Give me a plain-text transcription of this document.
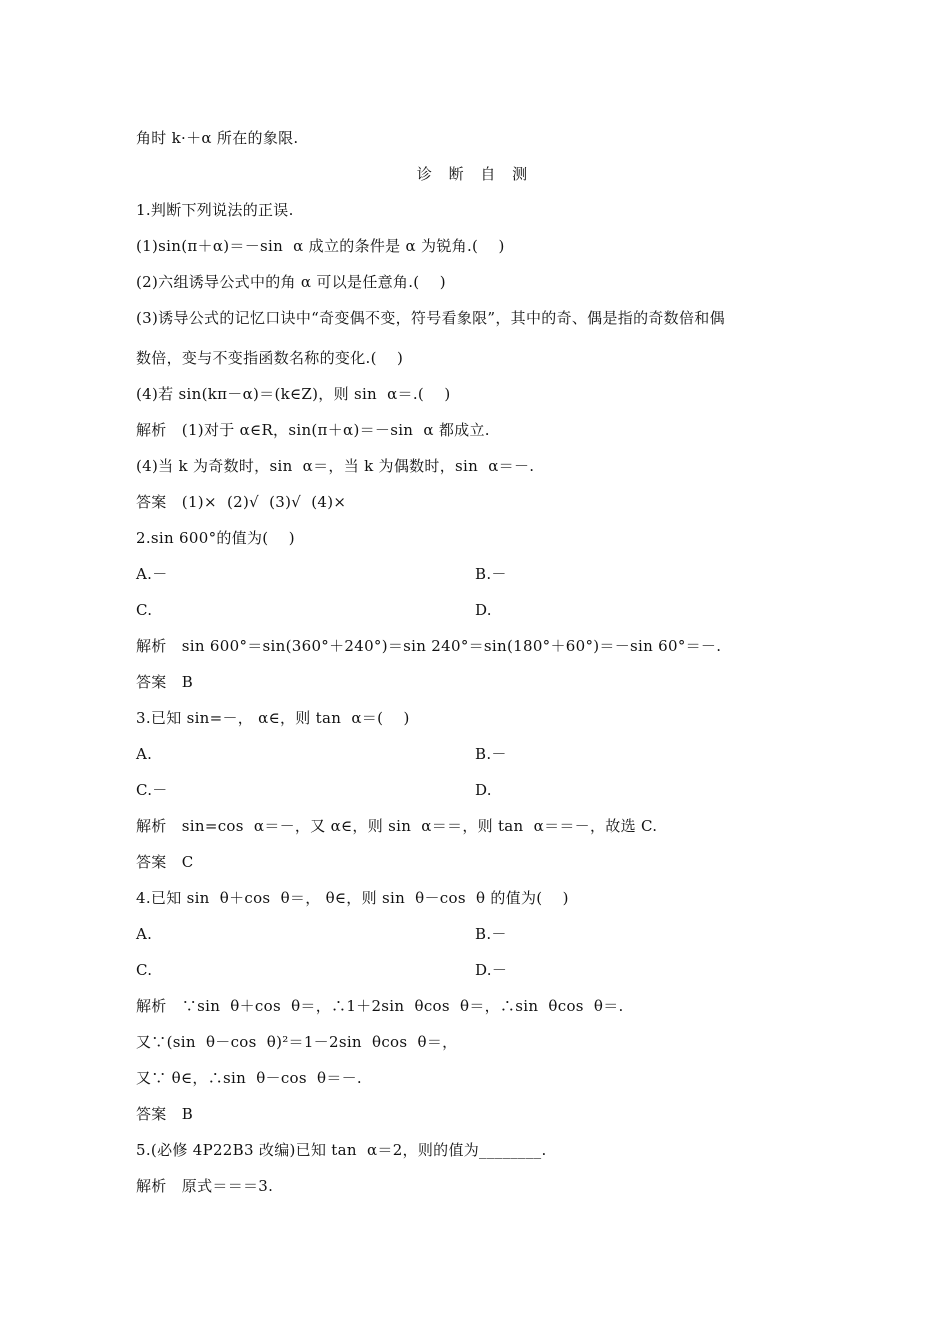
角时 k·＋α 所在的象限.
诊 断 自 测
1.判断下列说法的正误.
(1)sin(π＋α)＝－sin  α 成立的条件是 α 为锐角.(    )
(2)六组诱导公式中的角 α 可以是任意角.(    )
(3)诱导公式的记忆口诀中“奇变偶不变，符号看象限”，其中的奇、偶是指的奇数倍和偶
数倍，变与不变指函数名称的变化.(    )
(4)若 sin(kπ－α)＝(k∈Z)，则 sin  α＝.(    )
解析   (1)对于 α∈R，sin(π＋α)＝－sin  α 都成立.
(4)当 k 为奇数时，sin  α＝，当 k 为偶数时，sin  α＝－.
答案   (1)×  (2)√  (3)√  (4)×
2.sin 600°的值为(    )
A.－	B.－
C.	D.
解析   sin 600°＝sin(360°＋240°)＝sin 240°＝sin(180°＋60°)＝－sin 60°＝－.
答案   B
3.已知 sin=－， α∈，则 tan  α＝(    )
A.	B.－
C.－	D.
解析   sin=cos  α＝－，又 α∈，则 sin  α＝＝，则 tan  α＝＝－，故选 C.
答案   C
4.已知 sin  θ＋cos  θ＝， θ∈，则 sin  θ－cos  θ 的值为(    )
A.	B.－
C.	D.－
解析   ∵sin  θ＋cos  θ＝，∴1＋2sin  θcos  θ＝，∴sin  θcos  θ＝.
又∵(sin  θ－cos  θ)²＝1－2sin  θcos  θ＝，
又∵ θ∈，∴sin  θ－cos  θ＝－.
答案   B
5.(必修 4P22B3 改编)已知 tan  α＝2，则的值为________.
解析   原式＝＝＝3.
